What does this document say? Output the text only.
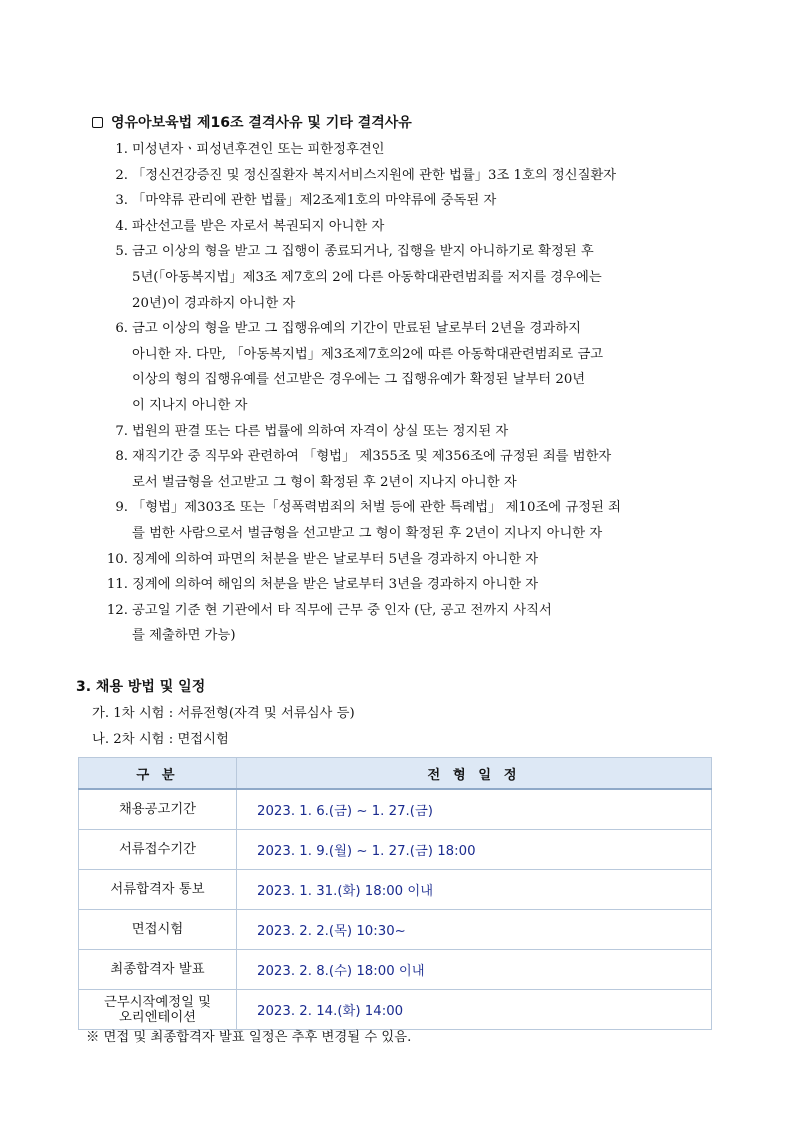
영유아보육법 제16조 결격사유 및 기타 결격사유
1. 미성년자ㆍ피성년후견인 또는 피한정후견인
2. 「정신건강증진 및 정신질환자 복지서비스지원에 관한 법률」3조 1호의 정신질환자
3. 「마약류 관리에 관한 법률」제2조제1호의 마약류에 중독된 자
4. 파산선고를 받은 자로서 복권되지 아니한 자
5. 금고 이상의 형을 받고 그 집행이 종료되거나, 집행을 받지 아니하기로 확정된 후
5년(「아동복지법」제3조 제7호의 2에 다른 아동학대관련범죄를 저지를 경우에는
20년)이 경과하지 아니한 자
6. 금고 이상의 형을 받고 그 집행유예의 기간이 만료된 날로부터 2년을 경과하지
아니한 자. 다만, 「아동복지법」제3조제7호의2에 따른 아동학대관련범죄로 금고
이상의 형의 집행유예를 선고받은 경우에는 그 집행유예가 확정된 날부터 20년
이 지나지 아니한 자
7. 법원의 판결 또는 다른 법률에 의하여 자격이 상실 또는 정지된 자
8. 재직기간 중 직무와 관련하여 「형법」 제355조 및 제356조에 규정된 죄를 범한자
로서 벌금형을 선고받고 그 형이 확정된 후 2년이 지나지 아니한 자
9. 「형법」제303조 또는「성폭력범죄의 처벌 등에 관한 특례법」 제10조에 규정된 죄
를 범한 사람으로서 벌금형을 선고받고 그 형이 확정된 후 2년이 지나지 아니한 자
10. 징계에 의하여 파면의 처분을 받은 날로부터 5년을 경과하지 아니한 자
11. 징계에 의하여 해임의 처분을 받은 날로부터 3년을 경과하지 아니한 자
12. 공고일 기준 현 기관에서 타 직무에 근무 중 인자 (단, 공고 전까지 사직서
를 제출하면 가능)
3. 채용 방법 및 일정
가. 1차 시험 : 서류전형(자격 및 서류심사 등)
나. 2차 시험 : 면접시험
구 분	전 형 일 정
채용공고기간	2023. 1. 6.(금) ~ 1. 27.(금)
서류접수기간	2023. 1. 9.(월) ~ 1. 27.(금) 18:00
서류합격자 통보	2023. 1. 31.(화) 18:00 이내
면접시험	2023. 2. 2.(목) 10:30~
최종합격자 발표	2023. 2. 8.(수) 18:00 이내

근무시작예정일 및
오리엔테이션	2023. 2. 14.(화) 14:00
※ 면접 및 최종합격자 발표 일정은 추후 변경될 수 있음.
